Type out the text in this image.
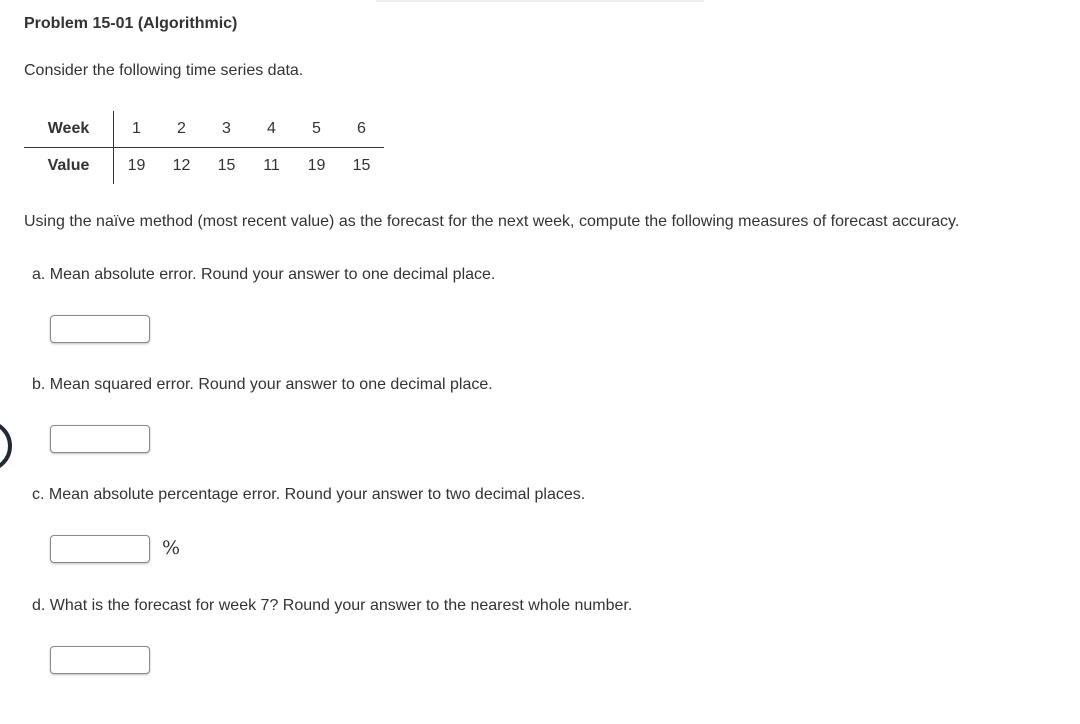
Problem 15-01 (Algorithmic)
Consider the following time series data.
Week	1	2	3	4	5	6
Value	19	12	15	11	19	15
Using the naïve method (most recent value) as the forecast for the next week, compute the following measures of forecast accuracy.
a. Mean absolute error. Round your answer to one decimal place.
b. Mean squared error. Round your answer to one decimal place.
c. Mean absolute percentage error. Round your answer to two decimal places.
%
d. What is the forecast for week 7? Round your answer to the nearest whole number.
